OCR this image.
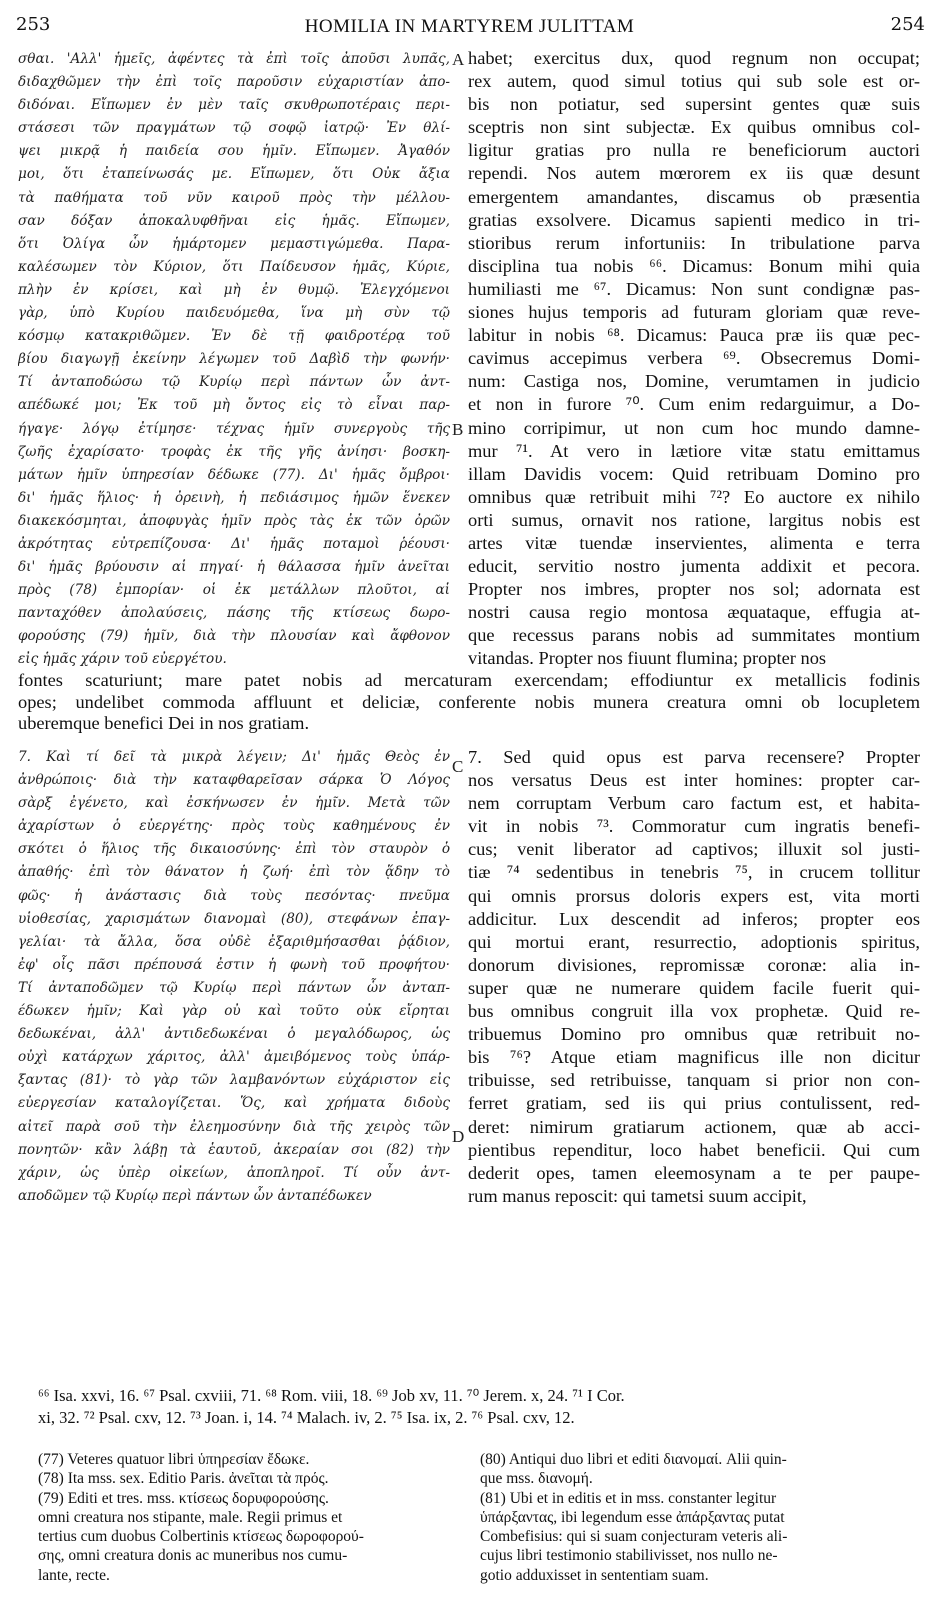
253	HOMILIA IN MARTYREM JULITTAM	254
A
B
C
D
σθαι. 'Αλλ' ἡμεῖς, ἀφέντες τὰ ἐπὶ τοῖς ἀποῦσι λυπᾶς,
διδαχθῶμεν τὴν ἐπὶ τοῖς παροῦσιν εὐχαριστίαν ἀπο-
διδόναι. Εἴπωμεν ἐν μὲν ταῖς σκυθρωποτέραις περι-
στάσεσι τῶν πραγμάτων τῷ σοφῷ ἰατρῷ· Ἐν θλί-
ψει μικρᾷ ἡ παιδεία σου ἡμῖν. Εἴπωμεν. Ἀγαθόν
μοι, ὅτι ἐταπείνωσάς με. Εἴπωμεν, ὅτι Οὐκ ἄξια
τὰ παθήματα τοῦ νῦν καιροῦ πρὸς τὴν μέλλου-
σαν δόξαν ἀποκαλυφθῆναι εἰς ἡμᾶς. Εἴπωμεν,
ὅτι Ὀλίγα ὧν ἡμάρτομεν μεμαστιγώμεθα. Παρα-
καλέσωμεν τὸν Κύριον, ὅτι Παίδευσον ἡμᾶς, Κύριε,
πλὴν ἐν κρίσει, καὶ μὴ ἐν θυμῷ. Ἐλεγχόμενοι
γὰρ, ὑπὸ Κυρίου παιδευόμεθα, ἵνα μὴ σὺν τῷ
κόσμῳ κατακριθῶμεν. Ἐν δὲ τῇ φαιδροτέρᾳ τοῦ
βίου διαγωγῇ ἐκείνην λέγωμεν τοῦ Δαβὶδ τὴν φωνήν·
Τί ἀνταποδώσω τῷ Κυρίῳ περὶ πάντων ὧν ἀντ-
απέδωκέ μοι; Ἐκ τοῦ μὴ ὄντος εἰς τὸ εἶναι παρ-
ήγαγε· λόγῳ ἐτίμησε· τέχνας ἡμῖν συνεργοὺς τῆς
ζωῆς ἐχαρίσατο· τροφὰς ἐκ τῆς γῆς ἀνίησι· βοσκη-
μάτων ἡμῖν ὑπηρεσίαν δέδωκε (77). Δι' ἡμᾶς ὄμβροι·
δι' ἡμᾶς ἥλιος· ἡ ὀρεινὴ, ἡ πεδιάσιμος ἡμῶν ἕνεκεν
διακεκόσμηται, ἀποφυγὰς ἡμῖν πρὸς τὰς ἐκ τῶν ὀρῶν
ἀκρότητας εὐτρεπίζουσα· Δι' ἡμᾶς ποταμοὶ ῥέουσι·
δι' ἡμᾶς βρύουσιν αἱ πηγαί· ἡ θάλασσα ἡμῖν ἀνεῖται
πρὸς (78) ἐμπορίαν· οἱ ἐκ μετάλλων πλοῦτοι, αἱ
πανταχόθεν ἀπολαύσεις, πάσης τῆς κτίσεως δωρο-
φορούσης (79) ἡμῖν, διὰ τὴν πλουσίαν καὶ ἄφθονον
εἰς ἡμᾶς χάριν τοῦ εὐεργέτου.
habet; exercitus dux, quod regnum non occupat;
rex autem, quod simul totius qui sub sole est or-
bis non potiatur, sed supersint gentes quæ suis
sceptris non sint subjectæ. Ex quibus omnibus col-
ligitur gratias pro nulla re beneficiorum auctori
rependi. Nos autem mœrorem ex iis quæ desunt
emergentem amandantes, discamus ob præsentia
gratias exsolvere. Dicamus sapienti medico in tri-
stioribus rerum infortuniis: In tribulatione parva
disciplina tua nobis ⁶⁶. Dicamus: Bonum mihi quia
humiliasti me ⁶⁷. Dicamus: Non sunt condignæ pas-
siones hujus temporis ad futuram gloriam quæ reve-
labitur in nobis ⁶⁸. Dicamus: Pauca præ iis quæ pec-
cavimus accepimus verbera ⁶⁹. Obsecremus Domi-
num: Castiga nos, Domine, verumtamen in judicio
et non in furore ⁷⁰. Cum enim redarguimur, a Do-
mino corripimur, ut non cum hoc mundo damne-
mur ⁷¹. At vero in lætiore vitæ statu emittamus
illam Davidis vocem: Quid retribuam Domino pro
omnibus quæ retribuit mihi ⁷²? Eo auctore ex nihilo
orti sumus, ornavit nos ratione, largitus nobis est
artes vitæ tuendæ inservientes, alimenta e terra
educit, servitio nostro jumenta addixit et pecora.
Propter nos imbres, propter nos sol; adornata est
nostri causa regio montosa æquataque, effugia at-
que recessus parans nobis ad summitates montium
vitandas. Propter nos fiuunt flumina; propter nos
fontes scaturiunt; mare patet nobis ad mercaturam exercendam; effodiuntur ex metallicis fodinis
opes; undelibet commoda affluunt et deliciæ, conferente nobis munera creatura omni ob locupletem
uberemque benefici Dei in nos gratiam.
7. Καὶ τί δεῖ τὰ μικρὰ λέγειν; Δι' ἡμᾶς Θεὸς ἐν
ἀνθρώποις· διὰ τὴν καταφθαρεῖσαν σάρκα Ὁ Λόγος
σὰρξ ἐγένετο, καὶ ἐσκήνωσεν ἐν ἡμῖν. Μετὰ τῶν
ἀχαρίστων ὁ εὐεργέτης· πρὸς τοὺς καθημένους ἐν
σκότει ὁ ἥλιος τῆς δικαιοσύνης· ἐπὶ τὸν σταυρὸν ὁ
ἀπαθής· ἐπὶ τὸν θάνατον ἡ ζωή· ἐπὶ τὸν ᾅδην τὸ
φῶς· ἡ ἀνάστασις διὰ τοὺς πεσόντας· πνεῦμα
υἱοθεσίας, χαρισμάτων διανομαὶ (80), στεφάνων ἐπαγ-
γελίαι· τὰ ἄλλα, ὅσα οὐδὲ ἐξαριθμήσασθαι ῥᾴδιον,
ἐφ' οἷς πᾶσι πρέπουσά ἐστιν ἡ φωνὴ τοῦ προφήτου·
Τί ἀνταποδῶμεν τῷ Κυρίῳ περὶ πάντων ὧν ἀνταπ-
έδωκεν ἡμῖν; Καὶ γὰρ οὐ καὶ τοῦτο οὐκ εἴρηται
δεδωκέναι, ἀλλ' ἀντιδεδωκέναι ὁ μεγαλόδωρος, ὡς
οὐχὶ κατάρχων χάριτος, ἀλλ' ἀμειβόμενος τοὺς ὑπάρ-
ξαντας (81)· τὸ γὰρ τῶν λαμβανόντων εὐχάριστον εἰς
εὐεργεσίαν καταλογίζεται. Ὅς, καὶ χρήματα διδοὺς
αἰτεῖ παρὰ σοῦ τὴν ἐλεημοσύνην διὰ τῆς χειρὸς τῶν
πονητῶν· κἂν λάβῃ τὰ ἑαυτοῦ, ἀκεραίαν σοι (82) τὴν
χάριν, ὡς ὑπὲρ οἰκείων, ἀποπληροῖ. Τί οὖν ἀντ-
αποδῶμεν τῷ Κυρίῳ περὶ πάντων ὧν ἀνταπέδωκεν
7. Sed quid opus est parva recensere? Propter
nos versatus Deus est inter homines: propter car-
nem corruptam Verbum caro factum est, et habita-
vit in nobis ⁷³. Commoratur cum ingratis benefi-
cus; venit liberator ad captivos; illuxit sol justi-
tiæ ⁷⁴ sedentibus in tenebris ⁷⁵, in crucem tollitur
qui omnis prorsus doloris expers est, vita morti
addicitur. Lux descendit ad inferos; propter eos
qui mortui erant, resurrectio, adoptionis spiritus,
donorum divisiones, repromissæ coronæ: alia in-
super quæ ne numerare quidem facile fuerit qui-
bus omnibus congruit illa vox prophetæ. Quid re-
tribuemus Domino pro omnibus quæ retribuit no-
bis ⁷⁶? Atque etiam magnificus ille non dicitur
tribuisse, sed retribuisse, tanquam si prior non con-
ferret gratiam, sed iis qui prius contulissent, red-
deret: nimirum gratiarum actionem, quæ ab acci-
pientibus rependitur, loco habet beneficii. Qui cum
dederit opes, tamen eleemosynam a te per paupe-
rum manus reposcit: qui tametsi suum accipit,
⁶⁶ Isa. xxvi, 16. ⁶⁷ Psal. cxviii, 71. ⁶⁸ Rom. viii, 18. ⁶⁹ Job xv, 11. ⁷⁰ Jerem. x, 24. ⁷¹ I Cor.
xi, 32. ⁷² Psal. cxv, 12. ⁷³ Joan. i, 14. ⁷⁴ Malach. iv, 2. ⁷⁵ Isa. ix, 2. ⁷⁶ Psal. cxv, 12.
(77) Veteres quatuor libri ὑπηρεσίαν ἔδωκε.
(78) Ita mss. sex. Editio Paris. ἀνεῖται τὰ πρός.
(79) Editi et tres. mss. κτίσεως δορυφορούσης.
omni creatura nos stipante, male. Regii primus et
tertius cum duobus Colbertinis κτίσεως δωροφορού-
σης, omni creatura donis ac muneribus nos cumu-
lante, recte.
(80) Antiqui duo libri et editi διανομαί. Alii quin-
que mss. διανομή.
(81) Ubi et in editis et in mss. constanter legitur
ὑπάρξαντας, ibi legendum esse ἀπάρξαντας putat
Combefisius: qui si suam conjecturam veteris ali-
cujus libri testimonio stabilivisset, nos nullo ne-
gotio adduxisset in sententiam suam.
